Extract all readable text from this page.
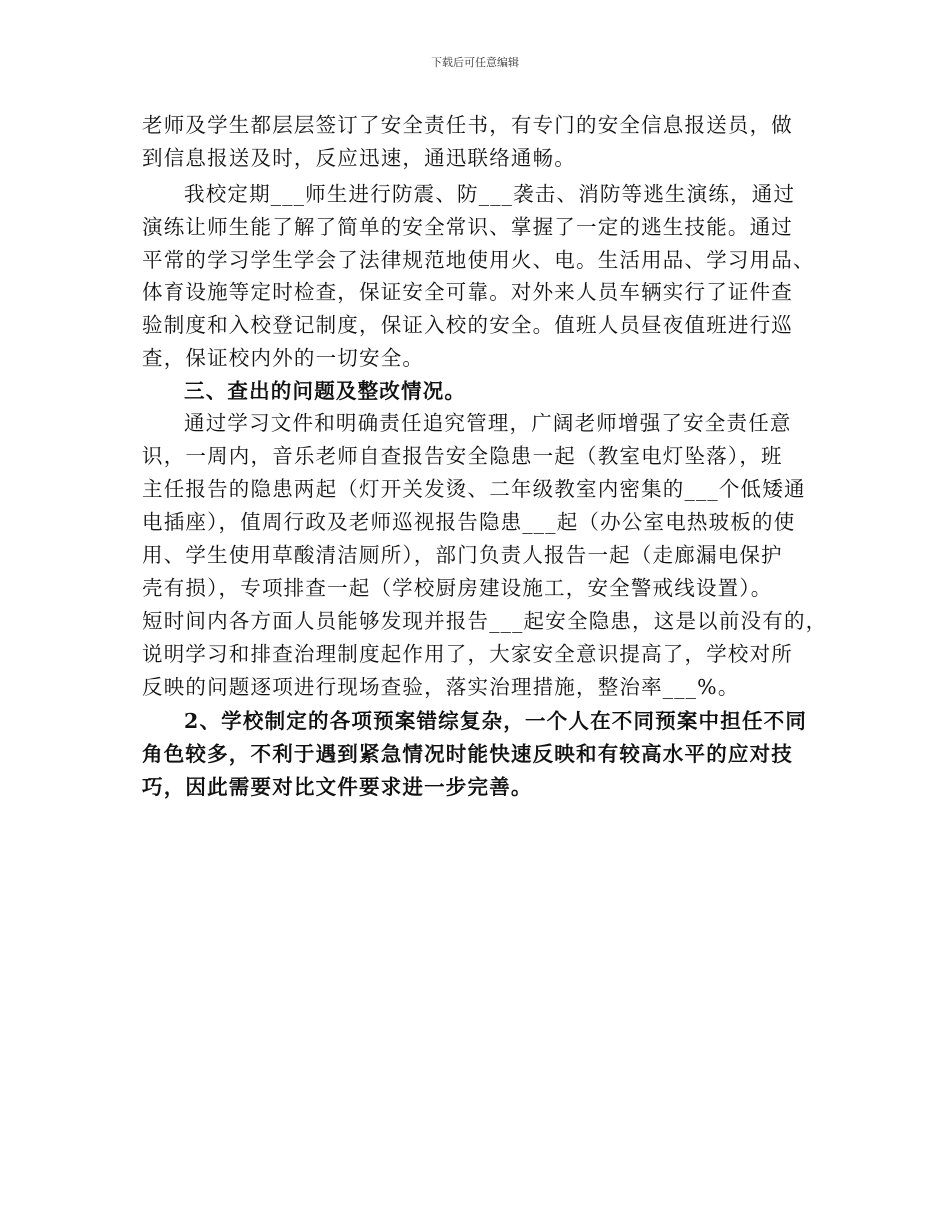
下载后可任意编辑
老师及学生都层层签订了安全责任书，有专门的安全信息报送员，做
到信息报送及时，反应迅速，通迅联络通畅。
我校定期___师生进行防震、防___袭击、消防等逃生演练，通过
演练让师生能了解了简单的安全常识、掌握了一定的逃生技能。通过
平常的学习学生学会了法律规范地使用火、电。生活用品、学习用品、
体育设施等定时检查，保证安全可靠。对外来人员车辆实行了证件查
验制度和入校登记制度，保证入校的安全。值班人员昼夜值班进行巡
查，保证校内外的一切安全。
三、查出的问题及整改情况。
通过学习文件和明确责任追究管理，广阔老师增强了安全责任意
识，一周内，音乐老师自查报告安全隐患一起（教室电灯坠落），班
主任报告的隐患两起（灯开关发烫、二年级教室内密集的___个低矮通
电插座），值周行政及老师巡视报告隐患___起（办公室电热玻板的使
用、学生使用草酸清洁厕所），部门负责人报告一起（走廊漏电保护
壳有损），专项排查一起（学校厨房建设施工，安全警戒线设置）。
短时间内各方面人员能够发现并报告___起安全隐患，这是以前没有的，
说明学习和排查治理制度起作用了，大家安全意识提高了，学校对所
反映的问题逐项进行现场查验，落实治理措施，整治率___%。
2、学校制定的各项预案错综复杂，一个人在不同预案中担任不同
角色较多，不利于遇到紧急情况时能快速反映和有较高水平的应对技
巧，因此需要对比文件要求进一步完善。
